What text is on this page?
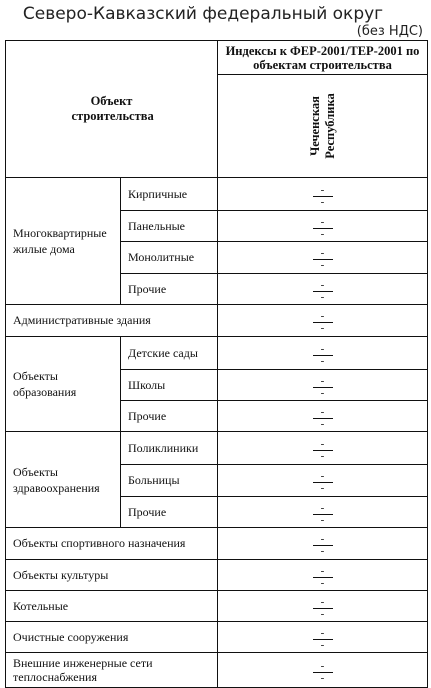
Северо-Кавказский федеральный округ
(без НДС)
Объект строительства		Индексы к ФЕР-2001/ТЕР-2001 по объектам строительства
		Чеченская Республика
Многоквартирные жилые дома	Кирпичные	$\frac{-}{-}$

	Панельные	$\frac{-}{-}$

	Монолитные	$\frac{-}{-}$

	Прочие	$\frac{-}{-}$

Административные здания		$\frac{-}{-}$

Объекты образования	Детские сады	$\frac{-}{-}$

	Школы	$\frac{-}{-}$

	Прочие	$\frac{-}{-}$

Объекты здравоохранения	Поликлиники	$\frac{-}{-}$

	Больницы	$\frac{-}{-}$

	Прочие	$\frac{-}{-}$

Объекты спортивного назначения		$\frac{-}{-}$

Объекты культуры		$\frac{-}{-}$

Котельные		$\frac{-}{-}$

Очистные сооружения		$\frac{-}{-}$

Внешние инженерные сети теплоснабжения		$\frac{-}{-}$
